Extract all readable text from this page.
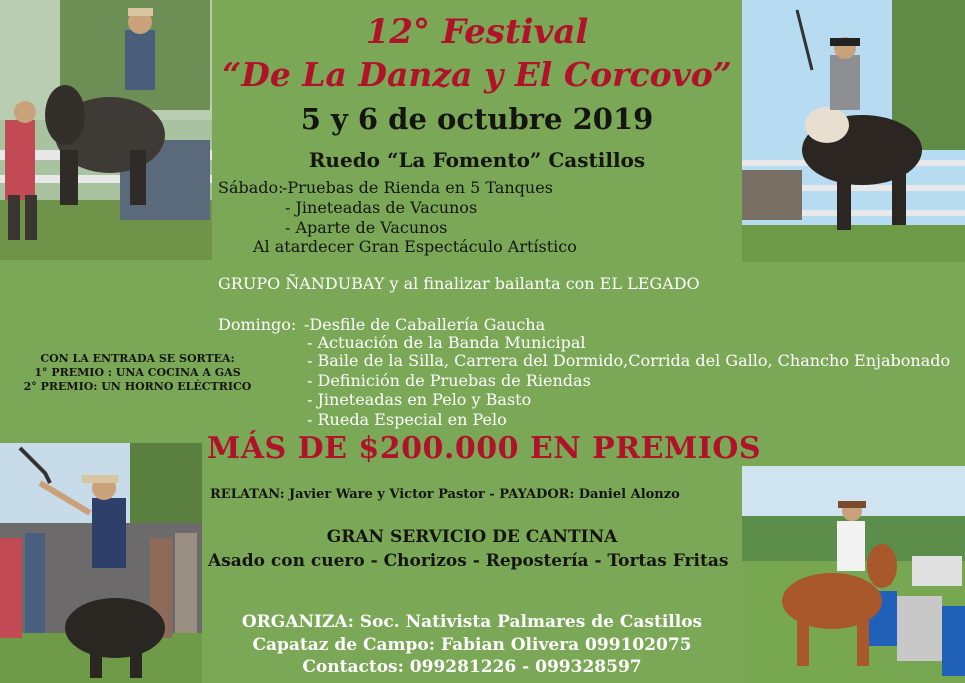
12° Festival
“De La Danza y El Corcovo”
5 y 6 de octubre 2019
Ruedo “La Fomento” Castillos
Sábado:
-Pruebas de Rienda en 5 Tanques
- Jineteadas de Vacunos
- Aparte de Vacunos
Al atardecer Gran Espectáculo Artístico
GRUPO ÑANDUBAY y al finalizar bailanta con EL LEGADO
Domingo: -Desfile de Caballería Gaucha
- Actuación de la Banda Municipal
- Baile de la Silla, Carrera del Dormido,Corrida del Gallo, Chancho Enjabonado
- Definición de Pruebas de Riendas
- Jineteadas en Pelo y Basto
- Rueda Especial en Pelo
CON LA ENTRADA SE SORTEA:
1° PREMIO : UNA COCINA A GAS
2° PREMIO: UN HORNO ELÉCTRICO
MÁS DE $200.000 EN PREMIOS
RELATAN: Javier Ware y Victor Pastor - PAYADOR: Daniel Alonzo
GRAN SERVICIO DE CANTINA
Asado con cuero - Chorizos - Repostería - Tortas Fritas
ORGANIZA: Soc. Nativista Palmares de Castillos
Capataz de Campo: Fabian Olivera 099102075
Contactos: 099281226 - 099328597
